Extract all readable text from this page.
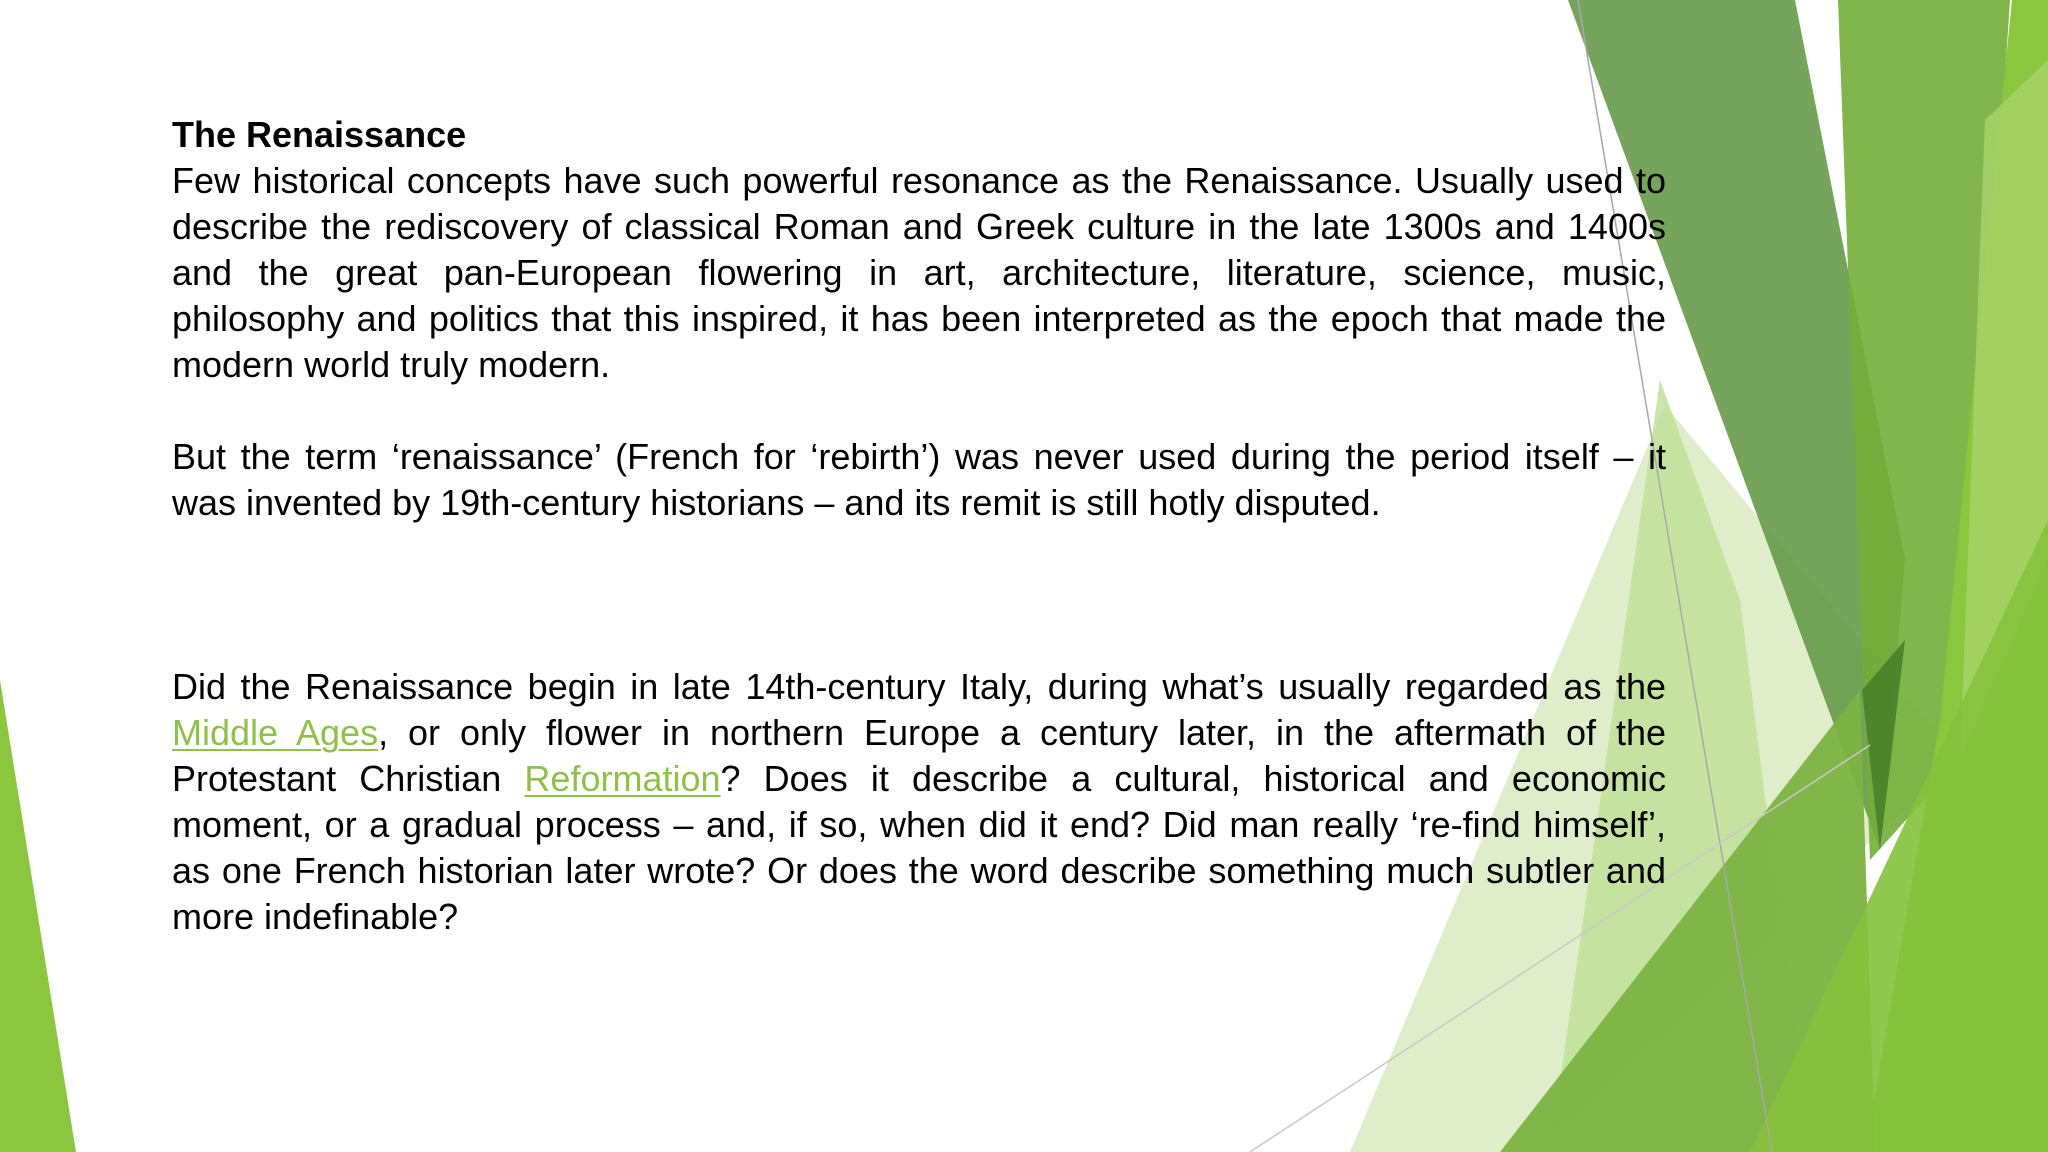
The Renaissance

Few historical concepts have such powerful resonance as the Renaissance. Usually used to describe the rediscovery of classical Roman and Greek culture in the late 1300s and 1400s and the great pan-European flowering in art, architecture, literature, science, music, philosophy and politics that this inspired, it has been interpreted as the epoch that made the modern world truly modern.

But the term ‘renaissance’ (French for ‘rebirth’) was never used during the period itself – it was invented by 19th-century historians – and its remit is still hotly disputed.

Did the Renaissance begin in late 14th-century Italy, during what’s usually regarded as the Middle Ages, or only flower in northern Europe a century later, in the aftermath of the Protestant Christian Reformation? Does it describe a cultural, historical and economic moment, or a gradual process – and, if so, when did it end? Did man really ‘re-find himself’, as one French historian later wrote? Or does the word describe something much subtler and more indefinable?
